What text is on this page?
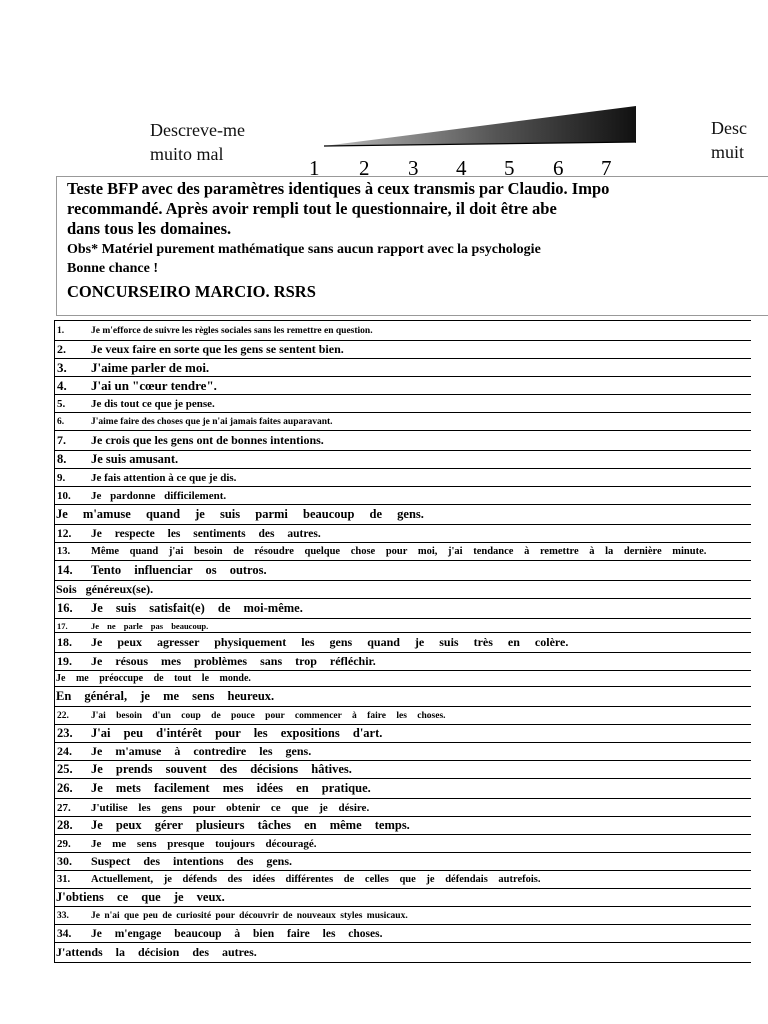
Descreve-me
muito mal
Desc
muit
1 2 3 4 5 6 7
Teste BFP avec des paramètres identiques à ceux transmis par Claudio. Impo
recommandé. Après avoir rempli tout le questionnaire, il doit être abe
dans tous les domaines.
Obs* Matériel purement mathématique sans aucun rapport avec la psychologie
Bonne chance !
CONCURSEIRO MARCIO. RSRS
1.	Je m'efforce de suivre les règles sociales sans les remettre en question.
2.	Je veux faire en sorte que les gens se sentent bien.
3.	J'aime parler de moi.
4.	J'ai un "cœur tendre".
5.	Je dis tout ce que je pense.
6.	J'aime faire des choses que je n'ai jamais faites auparavant.
7.	Je crois que les gens ont de bonnes intentions.
8.	Je suis amusant.
9.	Je fais attention à ce que je dis.
10.	Je pardonne difficilement.
Je m'amuse quand je suis parmi beaucoup de gens.
12.	Je respecte les sentiments des autres.
13.	Même quand j'ai besoin de résoudre quelque chose pour moi, j'ai tendance à remettre à la dernière minute.
14.	Tento influenciar os outros.
Sois généreux(se).
16.	Je suis satisfait(e) de moi-même.
17.	Je ne parle pas beaucoup.
18.	Je peux agresser physiquement les gens quand je suis très en colère.
19.	Je résous mes problèmes sans trop réfléchir.
Je me préoccupe de tout le monde.
En général, je me sens heureux.
22.	J'ai besoin d'un coup de pouce pour commencer à faire les choses.
23.	J'ai peu d'intérêt pour les expositions d'art.
24.	Je m'amuse à contredire les gens.
25.	Je prends souvent des décisions hâtives.
26.	Je mets facilement mes idées en pratique.
27.	J'utilise les gens pour obtenir ce que je désire.
28.	Je peux gérer plusieurs tâches en même temps.
29.	Je me sens presque toujours découragé.
30.	Suspect des intentions des gens.
31.	Actuellement, je défends des idées différentes de celles que je défendais autrefois.
J'obtiens ce que je veux.
33.	Je n'ai que peu de curiosité pour découvrir de nouveaux styles musicaux.
34.	Je m'engage beaucoup à bien faire les choses.
J'attends la décision des autres.
